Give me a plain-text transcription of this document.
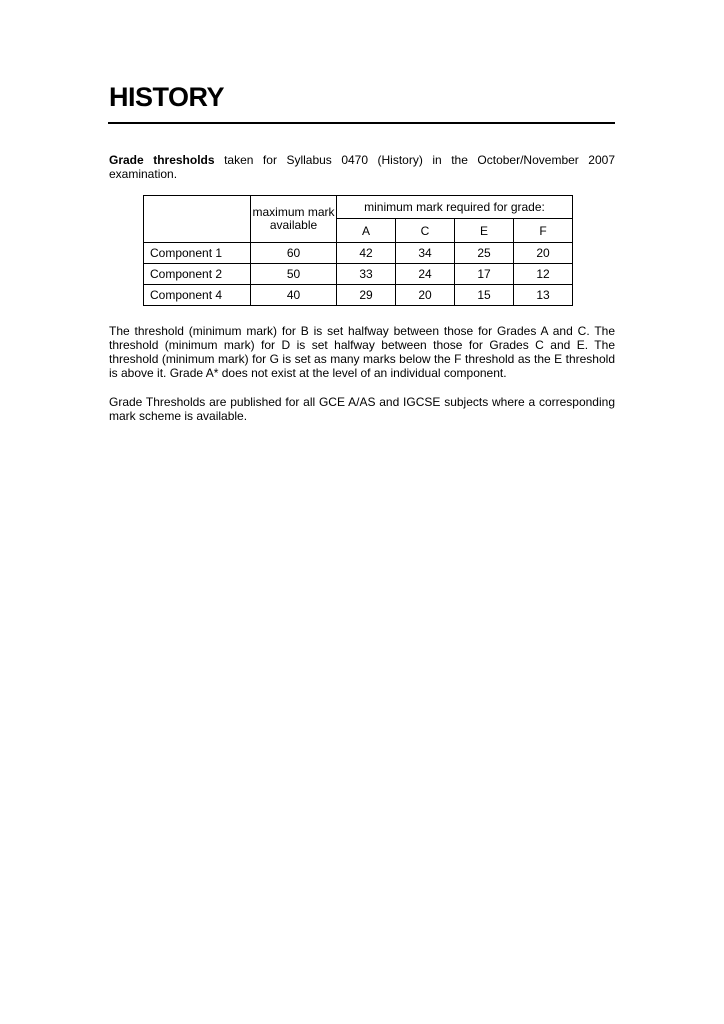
HISTORY

Grade thresholds taken for Syllabus 0470 (History) in the October/November 2007 examination.

	maximum mark available	minimum mark required for grade:			
		A	C	E	F
Component 1	60	42	34	25	20
Component 2	50	33	24	17	12
Component 4	40	29	20	15	13

The threshold (minimum mark) for B is set halfway between those for Grades A and C. The threshold (minimum mark) for D is set halfway between those for Grades C and E. The threshold (minimum mark) for G is set as many marks below the F threshold as the E threshold is above it. Grade A* does not exist at the level of an individual component.

Grade Thresholds are published for all GCE A/AS and IGCSE subjects where a corresponding mark scheme is available.
